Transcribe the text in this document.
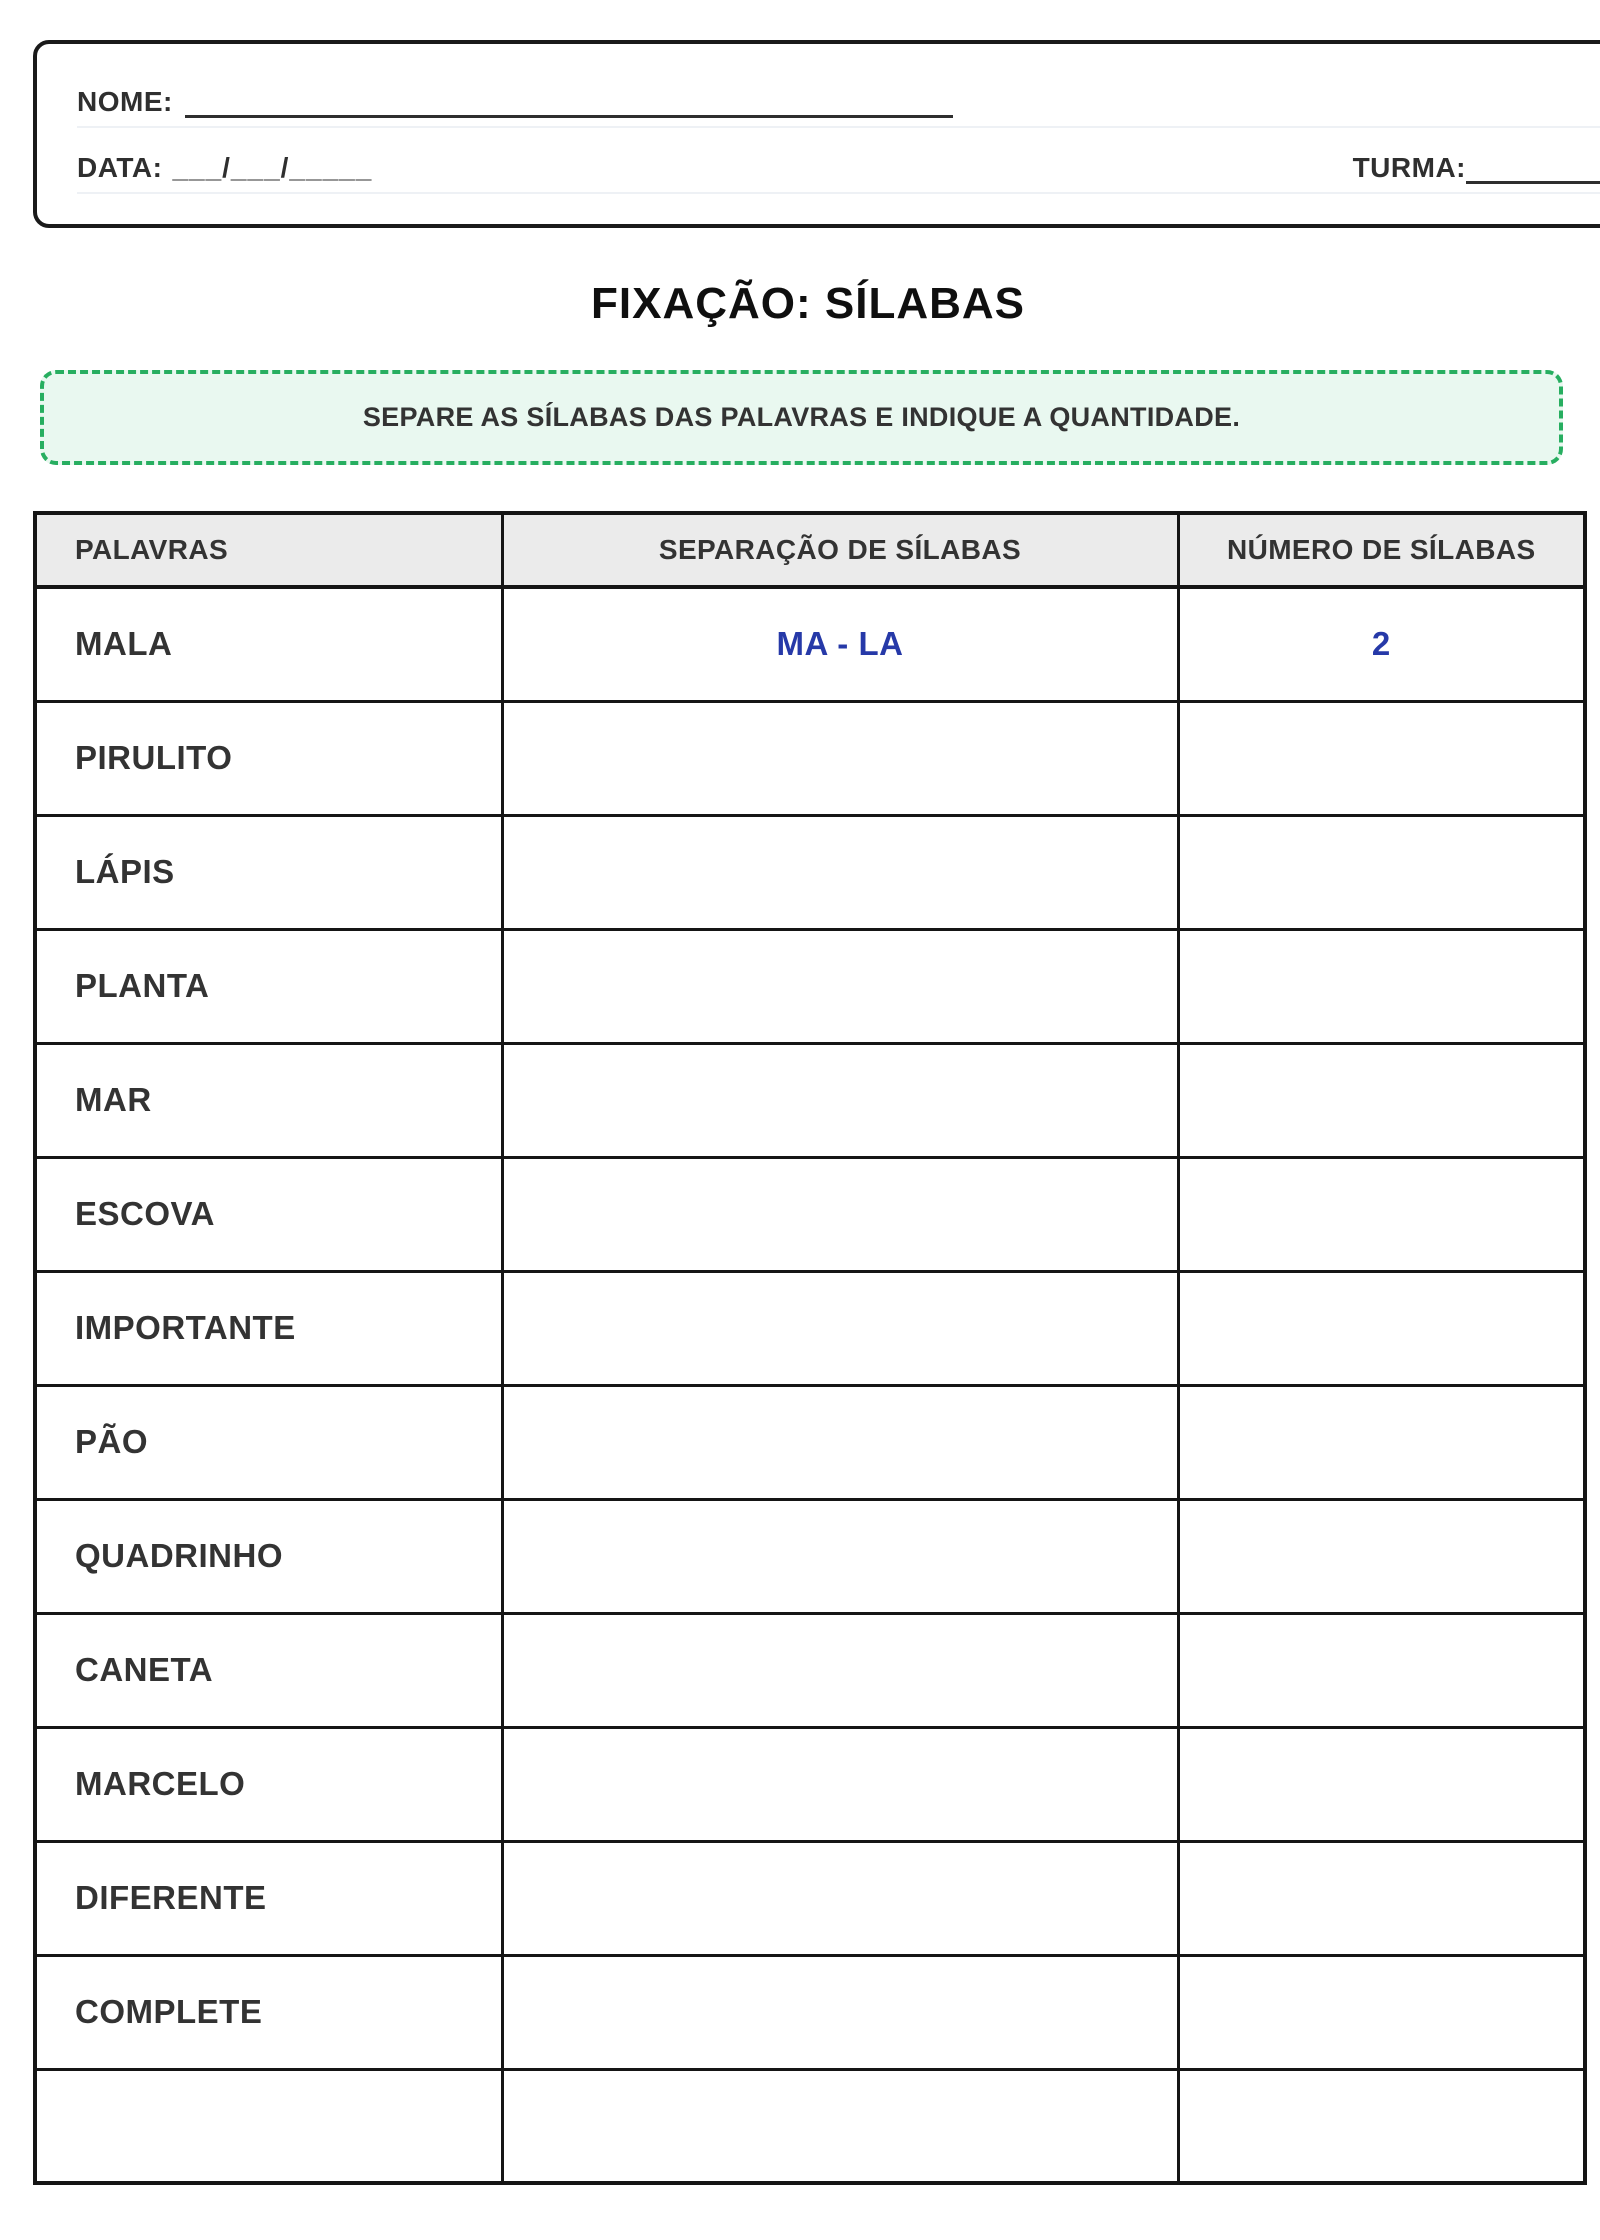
NOME:
DATA: ___/___/_____	TURMA:
FIXAÇÃO: SÍLABAS
SEPARE AS SÍLABAS DAS PALAVRAS E INDIQUE A QUANTIDADE.
PALAVRAS	SEPARAÇÃO DE SÍLABAS	NÚMERO DE SÍLABAS
MALA	MA - LA	2
PIRULITO		
LÁPIS		
PLANTA		
MAR		
ESCOVA		
IMPORTANTE		
PÃO		
QUADRINHO		
CANETA		
MARCELO		
DIFERENTE		
COMPLETE		
